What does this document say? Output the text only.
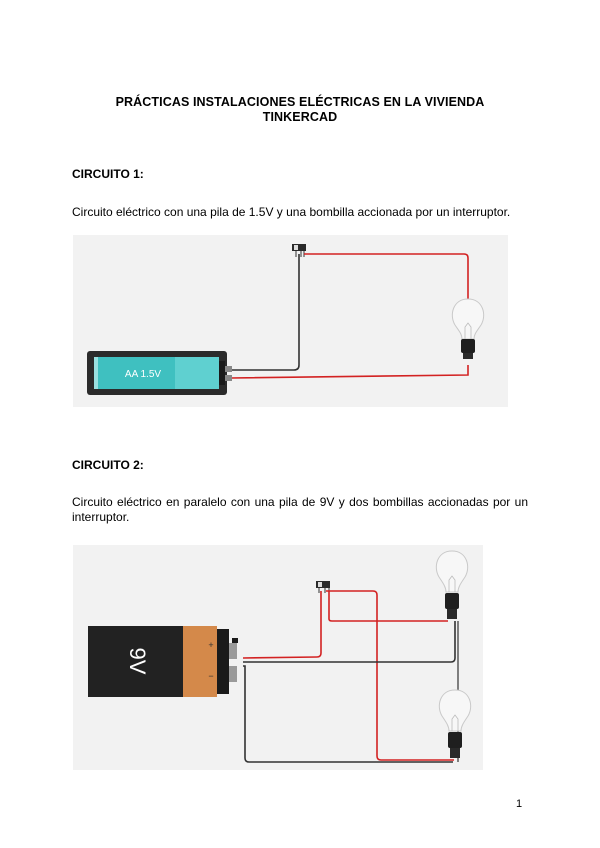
PRÁCTICAS INSTALACIONES ELÉCTRICAS EN LA VIVIENDA
TINKERCAD
CIRCUITO 1:
Circuito eléctrico con una pila de 1.5V y una bombilla accionada por un interruptor.
AA 1.5V
CIRCUITO 2:
Circuito eléctrico en paralelo con una pila de 9V y dos bombillas accionadas por un interruptor.
9V
+
−
1
